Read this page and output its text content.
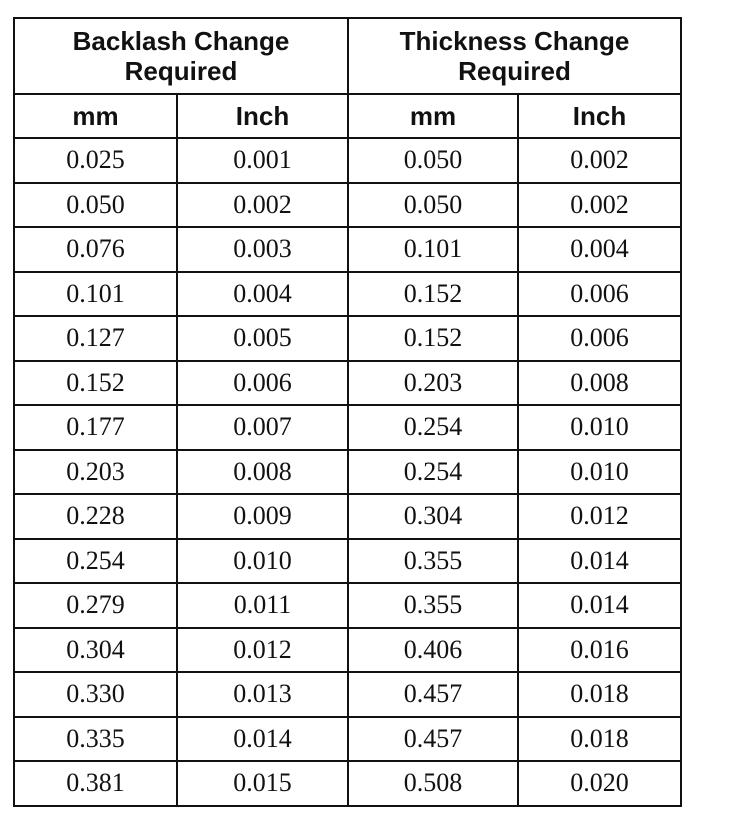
Backlash Change
Required		Thickness Change
Required	

mm	Inch	mm	Inch
0.025	0.001	0.050	0.002
0.050	0.002	0.050	0.002
0.076	0.003	0.101	0.004
0.101	0.004	0.152	0.006
0.127	0.005	0.152	0.006
0.152	0.006	0.203	0.008
0.177	0.007	0.254	0.010
0.203	0.008	0.254	0.010
0.228	0.009	0.304	0.012
0.254	0.010	0.355	0.014
0.279	0.011	0.355	0.014
0.304	0.012	0.406	0.016
0.330	0.013	0.457	0.018
0.335	0.014	0.457	0.018
0.381	0.015	0.508	0.020
